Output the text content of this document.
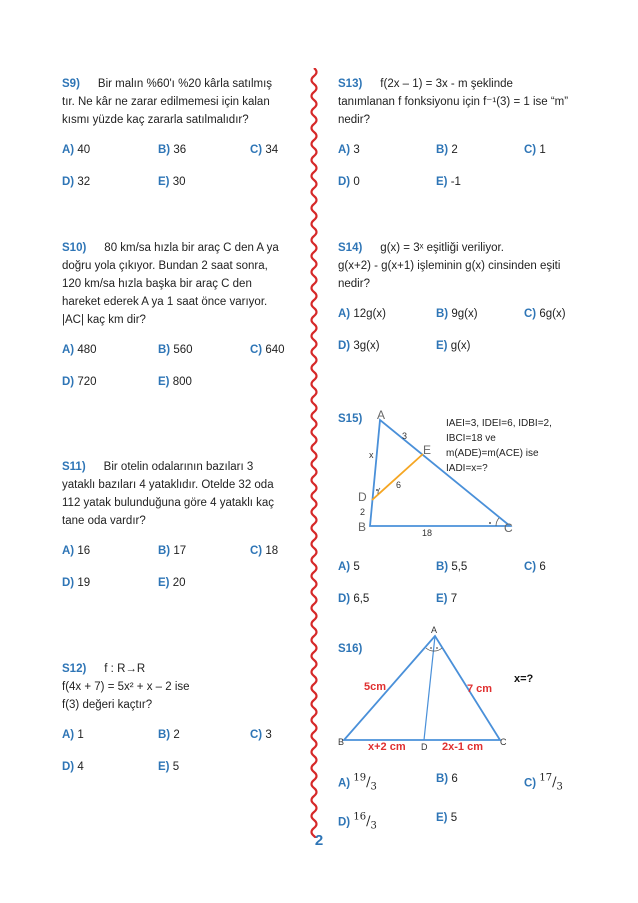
S9) Bir malın %60'ı %20 kârla satılmış tır. Ne kâr ne zarar edilmemesi için kalan kısmı yüzde kaç zararla satılmalıdır?

A) 40	B) 36	C) 34
D) 32	E) 30

S10) 80 km/sa hızla bir araç C den A ya doğru yola çıkıyor. Bundan 2 saat sonra, 120 km/sa hızla başka bir araç C den hareket ederek A ya 1 saat önce varıyor. |AC| kaç km dir?

A) 480	B) 560	C) 640
D) 720	E) 800

S11) Bir otelin odalarının bazıları 3 yataklı bazıları 4 yataklıdır. Otelde 32 oda 112 yatak bulunduğuna göre 4 yataklı kaç tane oda vardır?

A) 16	B) 17	C) 18
D) 19	E) 20

S12) f : R→R

f(4x + 7) = 5x² + x – 2 ise

f(3) değeri kaçtır?

A) 1	B) 2	C) 3
D) 4	E) 5

S13) f(2x – 1) = 3x - m şeklinde tanımlanan f fonksiyonu için f⁻¹(3) = 1 ise “m” nedir?

A) 3	B) 2	C) 1
D) 0	E) -1

S14) g(x) = 3ˣ eşitliği veriliyor.

g(x+2) - g(x+1) işleminin g(x) cinsinden eşiti nedir?

A) 12g(x)	B) 9g(x)	C) 6g(x)
D) 3g(x)	E) g(x)
S15)	A
E
D
B	C
3
6
x
2
18
IAEI=3, IDEI=6, IDBI=2, IBCI=18 ve m(ADE)=m(ACE) ise IADI=x=?
A) 5	B) 5,5	C) 6
D) 6,5	E) 7
S16)
A
B	D	C
5cm	7 cm
x+2 cm	2x-1 cm
x=?
A) $^{19}/_3$
B) 6	C) $^{17}/_3$
D) $^{16}/_3$
E) 5
2
